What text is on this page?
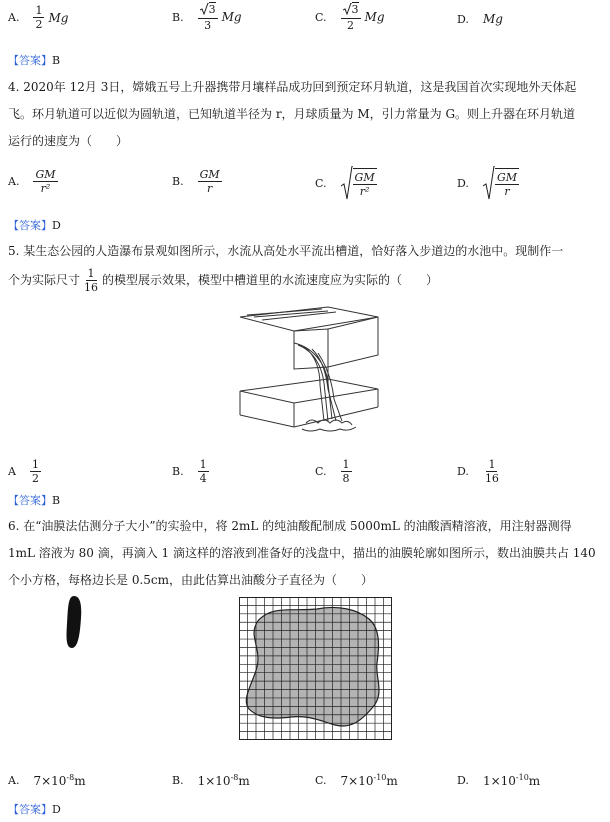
A. $\frac{1}{2}$ Mg	B. $\frac{3}{3}$ Mg	C. $\frac{3}{2}$ Mg	D. Mg
【答案】B
4. 2020年 12月 3日，嫦娥五号上升器携带月壤样品成功回到预定环月轨道，这是我国首次实现地外天体起
飞。环月轨道可以近似为圆轨道，已知轨道半径为 r，月球质量为 M，引力常量为 G。则上升器在环月轨道
运行的速度为（　　）
A. $\frac{GM}{\text{r²}}$	B. $\frac{GM}{r}$	C. $\frac{GM}{\text{r²}}$	D. $\frac{GM}{r}$
【答案】D
5. 某生态公园的人造瀑布景观如图所示，水流从高处水平流出槽道，恰好落入步道边的水池中。现制作一
个为实际尺寸 $\frac{1}{16}$ 的模型展示效果，模型中槽道里的水流速度应为实际的（　　）
A $\frac{1}{2}$	B. $\frac{1}{4}$	C. $\frac{1}{8}$	D. $\frac{1}{16}$
【答案】B
6. 在“油膜法估测分子大小”的实验中，将 2mL 的纯油酸配制成 5000mL 的油酸酒精溶液，用注射器测得
1mL 溶液为 80 滴，再滴入 1 滴这样的溶液到准备好的浅盘中，描出的油膜轮廓如图所示，数出油膜共占 140
个小方格，每格边长是 0.5cm，由此估算出油酸分子直径为（　　）
A. $7\times 10^{-8}m$	B. $1\times 10^{-8}m$	C. $7\times 10^{-10}m$	D. $1\times 10^{-10}m$
【答案】D
